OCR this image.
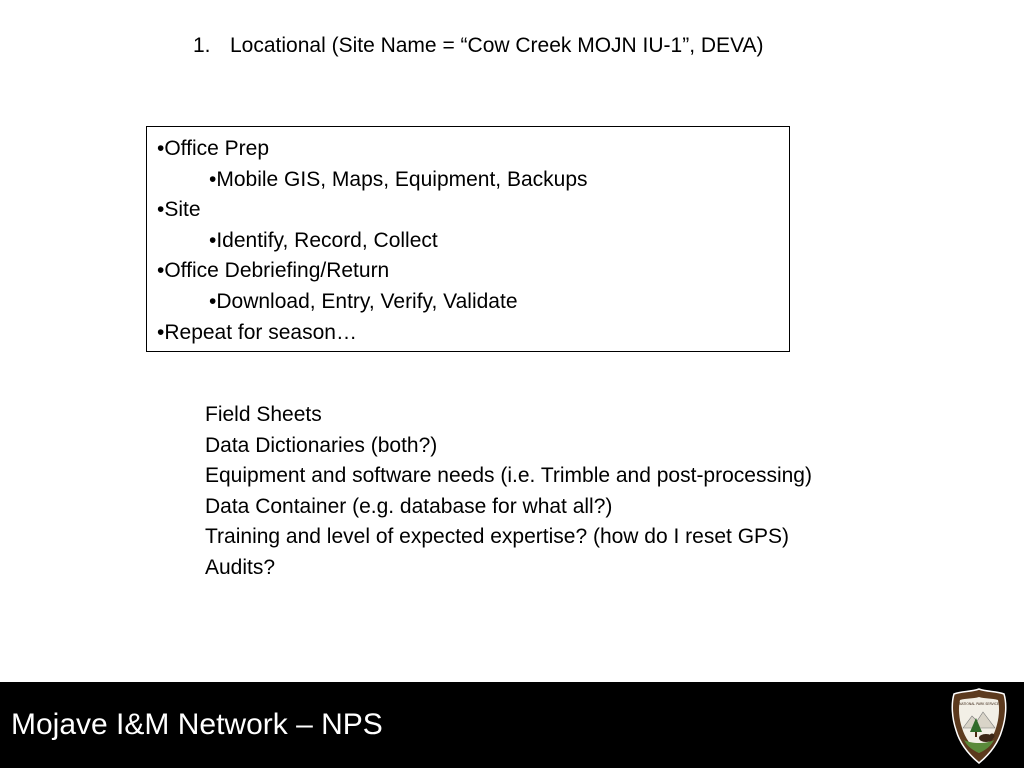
1. Locational (Site Name = “Cow Creek MOJN IU-1”, DEVA)
•Office Prep
•Mobile GIS, Maps, Equipment, Backups
•Site
•Identify, Record, Collect
•Office Debriefing/Return
•Download, Entry, Verify, Validate
•Repeat for season…
Field Sheets
Data Dictionaries (both?)
Equipment and software needs (i.e. Trimble and post-processing)
Data Container (e.g. database for what all?)
Training and level of expected expertise? (how do I reset GPS)
Audits?
Mojave I&M Network – NPS
NATIONAL PARK SERVICE
